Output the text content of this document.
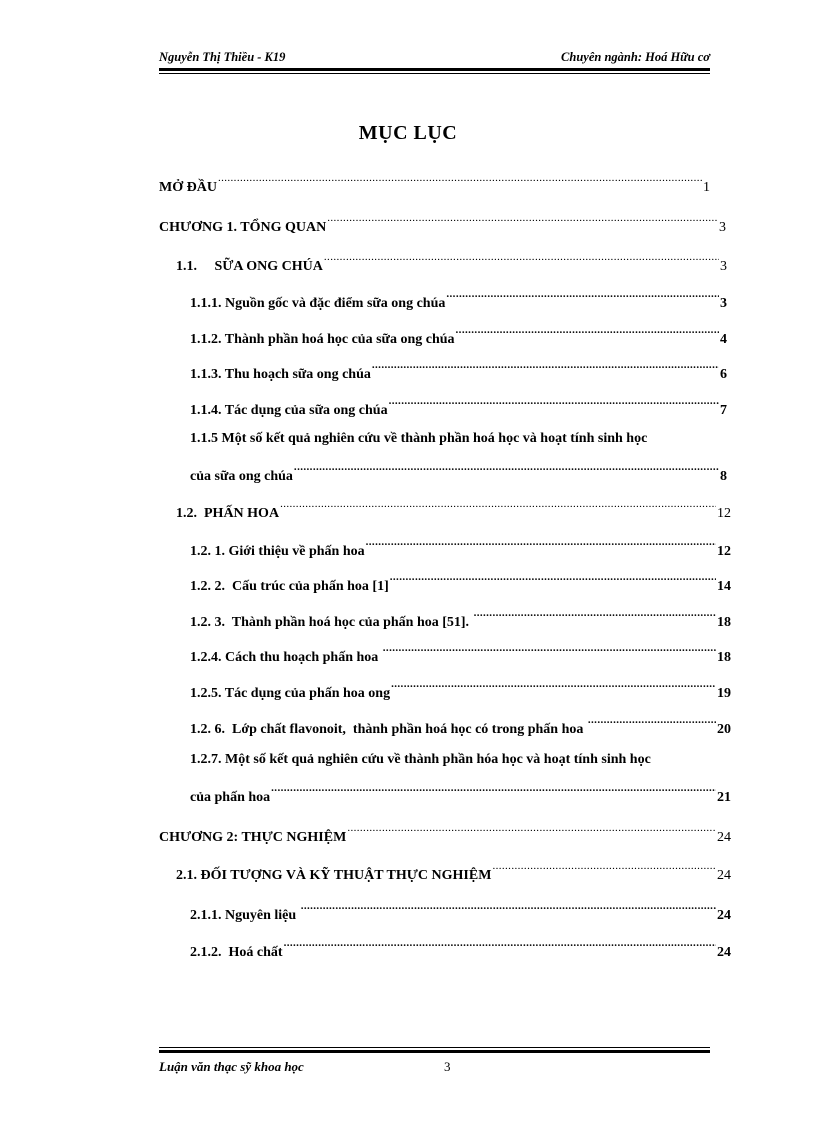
Nguyễn Thị Thiều - K19	Chuyên ngành: Hoá Hữu cơ
MỤC LỤC
MỞ ĐẦU .....	1
CHƯƠNG 1. TỔNG QUAN .....	3
1.1.     SỮA ONG CHÚA .....	3
1.1.1. Nguồn gốc và đặc điểm sữa ong chúa .....	3
1.1.2. Thành phần hoá học của sữa ong chúa .....	4
1.1.3. Thu hoạch sữa ong chúa .....	6
1.1.4. Tác dụng của sữa ong chúa .....	7
1.1.5 Một số kết quả nghiên cứu về thành phần hoá học và hoạt tính sinh học
của sữa ong chúa .....	8
1.2.  PHẤN HOA .....	12
1.2. 1. Giới thiệu về phấn hoa .....	12
1.2. 2.  Cấu trúc của phấn hoa [1] .....	14
1.2. 3.  Thành phần hoá học của phấn hoa [51]. .....	18
1.2.4. Cách thu hoạch phấn hoa .....	18
1.2.5. Tác dụng của phấn hoa ong .....	19
1.2. 6.  Lớp chất flavonoit,  thành phần hoá học có trong phấn hoa .....	20
1.2.7. Một số kết quả nghiên cứu về thành phần hóa học và hoạt tính sinh học
của phấn hoa .....	21
CHƯƠNG 2: THỰC NGHIỆM .....	24
2.1. ĐỐI TƯỢNG VÀ KỸ THUẬT THỰC NGHIỆM .....	24
2.1.1. Nguyên liệu .....	24
2.1.2.  Hoá chất .....	24
Luận văn thạc sỹ khoa học	3
